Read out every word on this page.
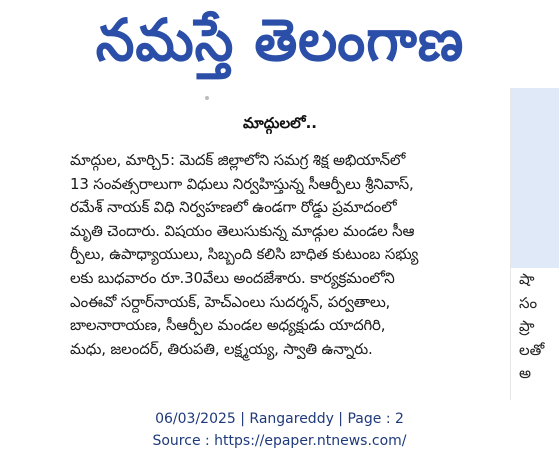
నమస్తే తెలంగాణ
షా
సం
ప్రా
లతో
అ
మాద్గులలో..
మాద్గుల, మార్చి5: మెదక్ జిల్లాలోని సమగ్ర శిక్ష అభియాన్‌లో
13 సంవత్సరాలుగా విధులు నిర్వహిస్తున్న సీఆర్పీలు శ్రీనివాస్,
రమేశ్ నాయక్ విధి నిర్వహణలో ఉండగా రోడ్డు ప్రమాదంలో
మృతి చెందారు. విషయం తెలుసుకున్న మాడ్గుల మండల సీఆ
ర్పీలు, ఉపాధ్యాయులు, సిబ్బంది కలిసి బాధిత కుటుంబ సభ్యు
లకు బుధవారం రూ.30వేలు అందజేశారు. కార్యక్రమంలోని
ఎంఈవో సర్దార్‌నాయక్, హెచ్‌ఎంలు సుదర్శన్, పర్వతాలు,
బాలనారాయణ, సీఆర్పీల మండల అధ్యక్షుడు యాదగిరి,
మధు, జలందర్, తిరుపతి, లక్ష్మయ్య, స్వాతి ఉన్నారు.
06/03/2025 | Rangareddy | Page : 2
Source : https://epaper.ntnews.com/
